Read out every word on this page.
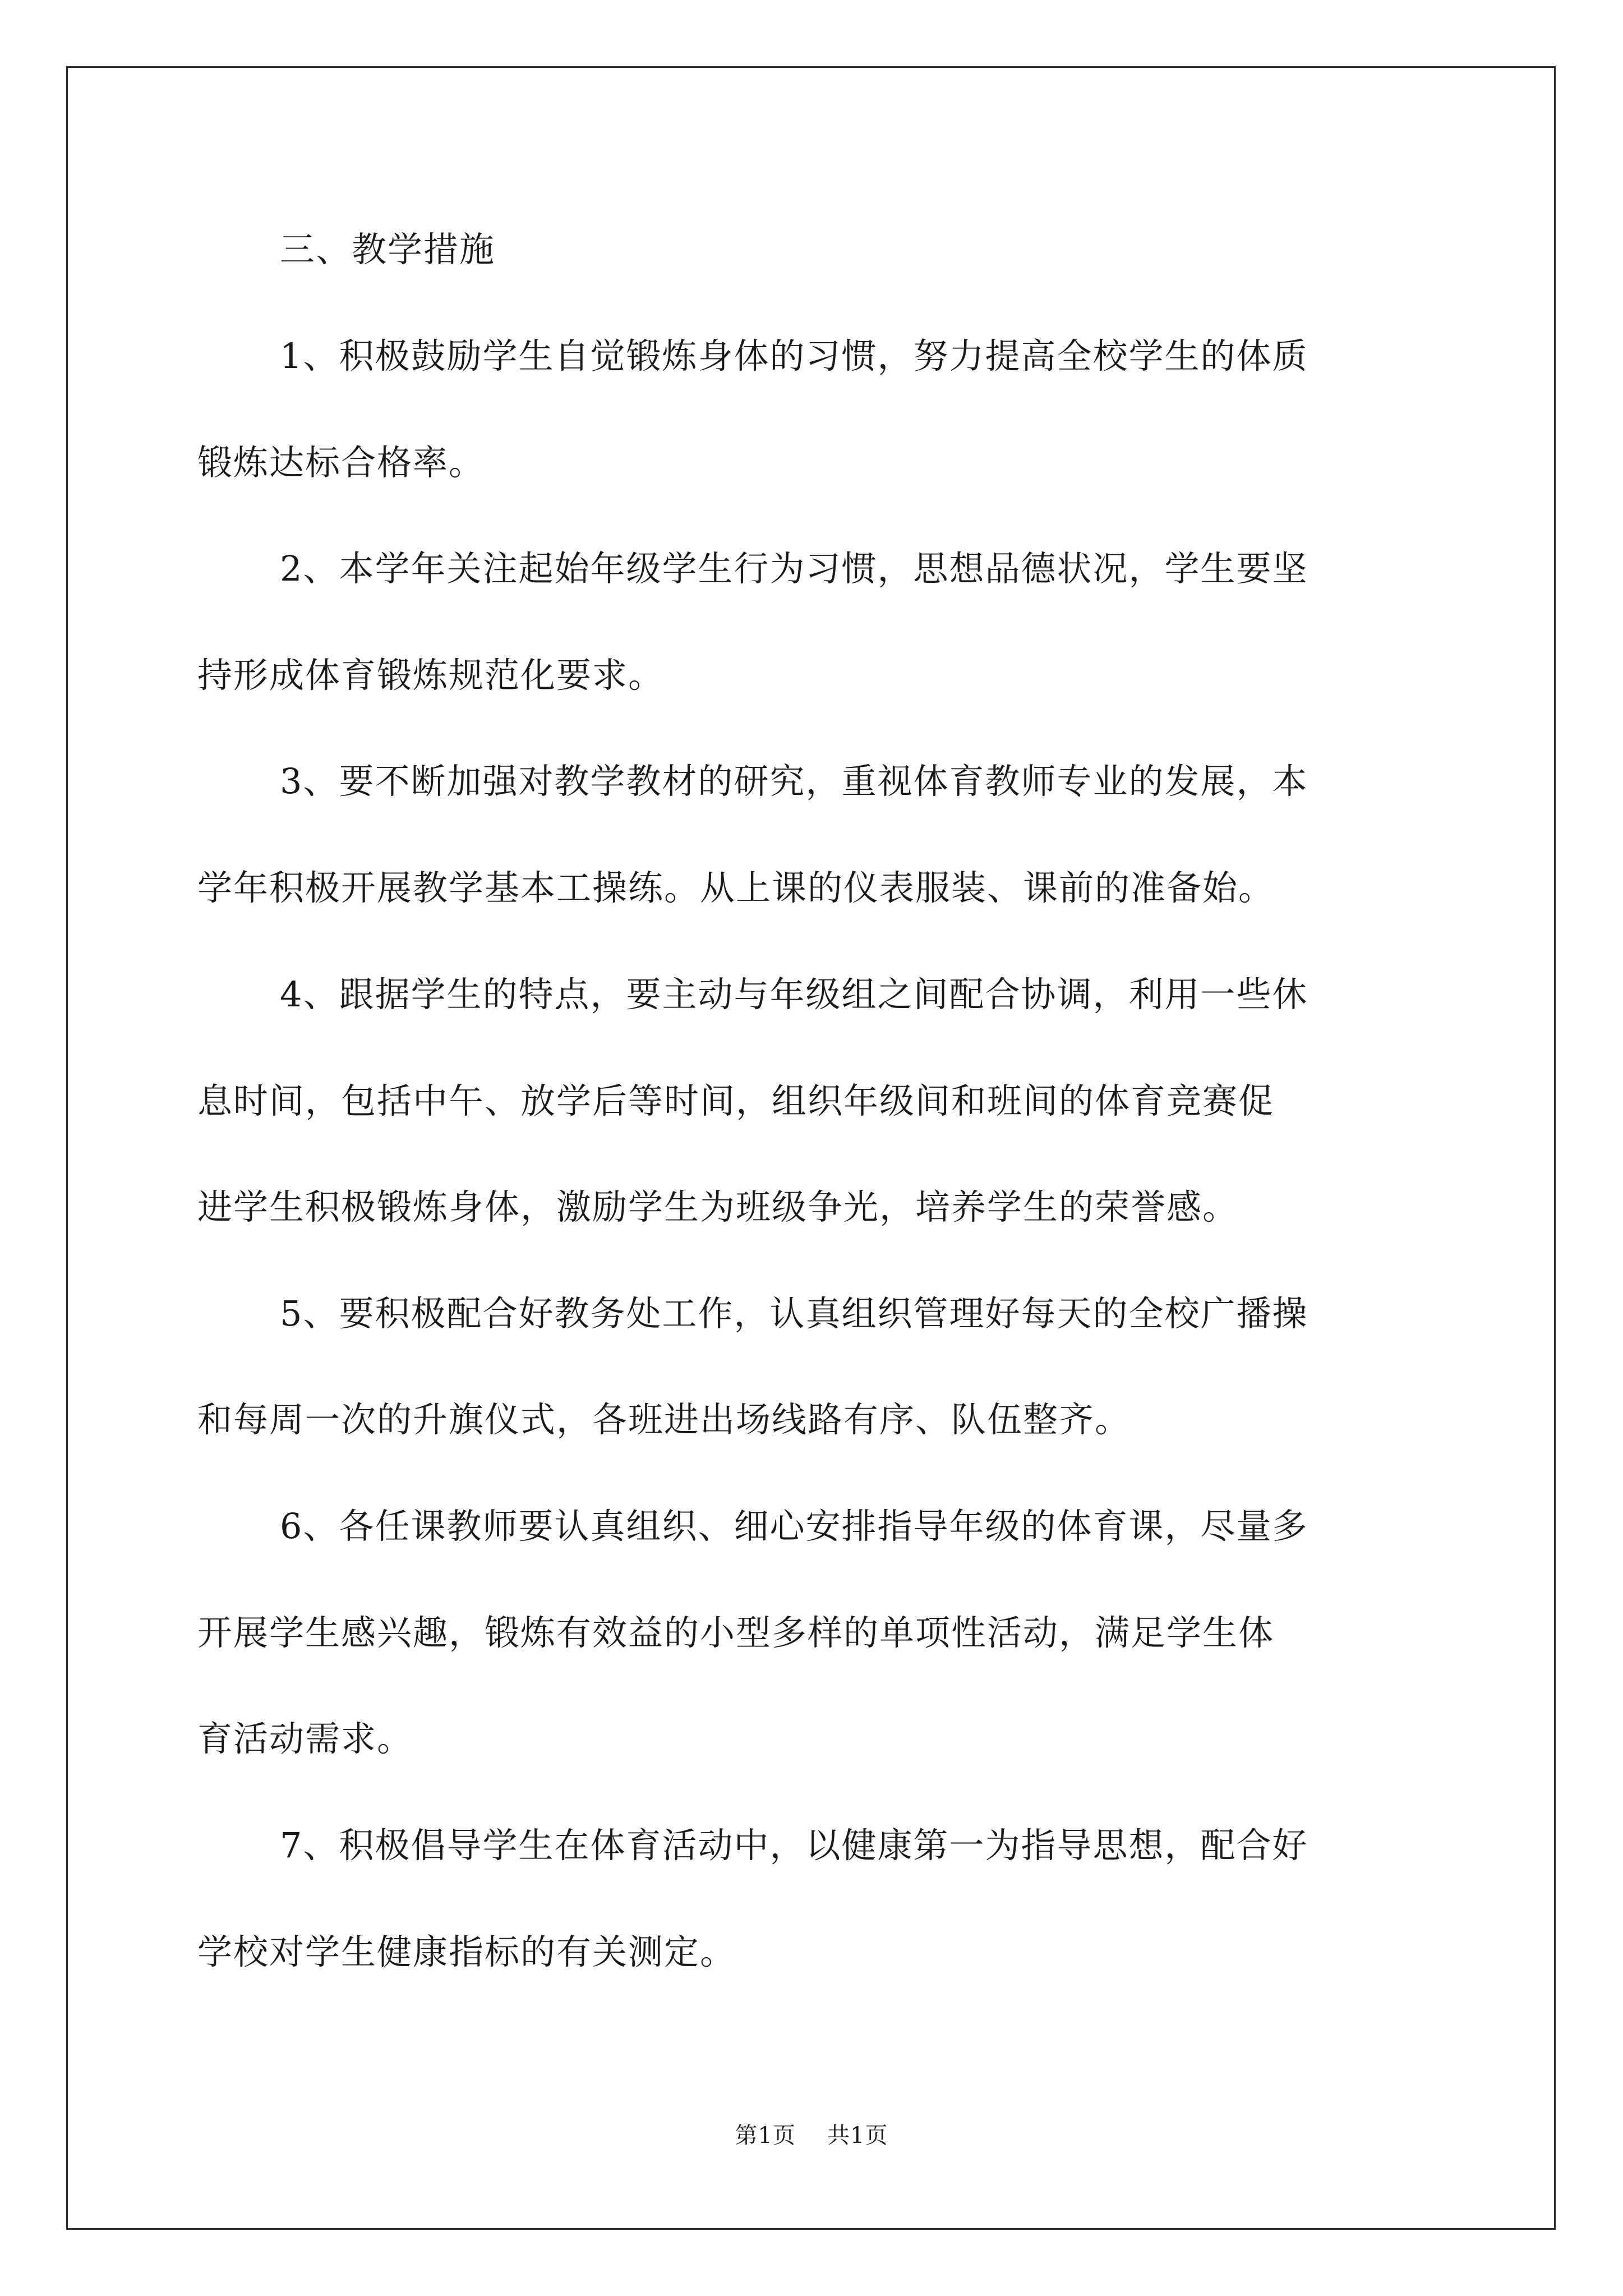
三、教学措施
1、积极鼓励学生自觉锻炼身体的习惯，努力提高全校学生的体质
锻炼达标合格率。
2、本学年关注起始年级学生行为习惯，思想品德状况，学生要坚
持形成体育锻炼规范化要求。
3、要不断加强对教学教材的研究，重视体育教师专业的发展，本
学年积极开展教学基本工操练。从上课的仪表服装、课前的准备始。
4、跟据学生的特点，要主动与年级组之间配合协调，利用一些休
息时间，包括中午、放学后等时间，组织年级间和班间的体育竞赛促
进学生积极锻炼身体，激励学生为班级争光，培养学生的荣誉感。
5、要积极配合好教务处工作，认真组织管理好每天的全校广播操
和每周一次的升旗仪式，各班进出场线路有序、队伍整齐。
6、各任课教师要认真组织、细心安排指导年级的体育课，尽量多
开展学生感兴趣，锻炼有效益的小型多样的单项性活动，满足学生体
育活动需求。
7、积极倡导学生在体育活动中，以健康第一为指导思想，配合好
学校对学生健康指标的有关测定。
第1页 共1页
